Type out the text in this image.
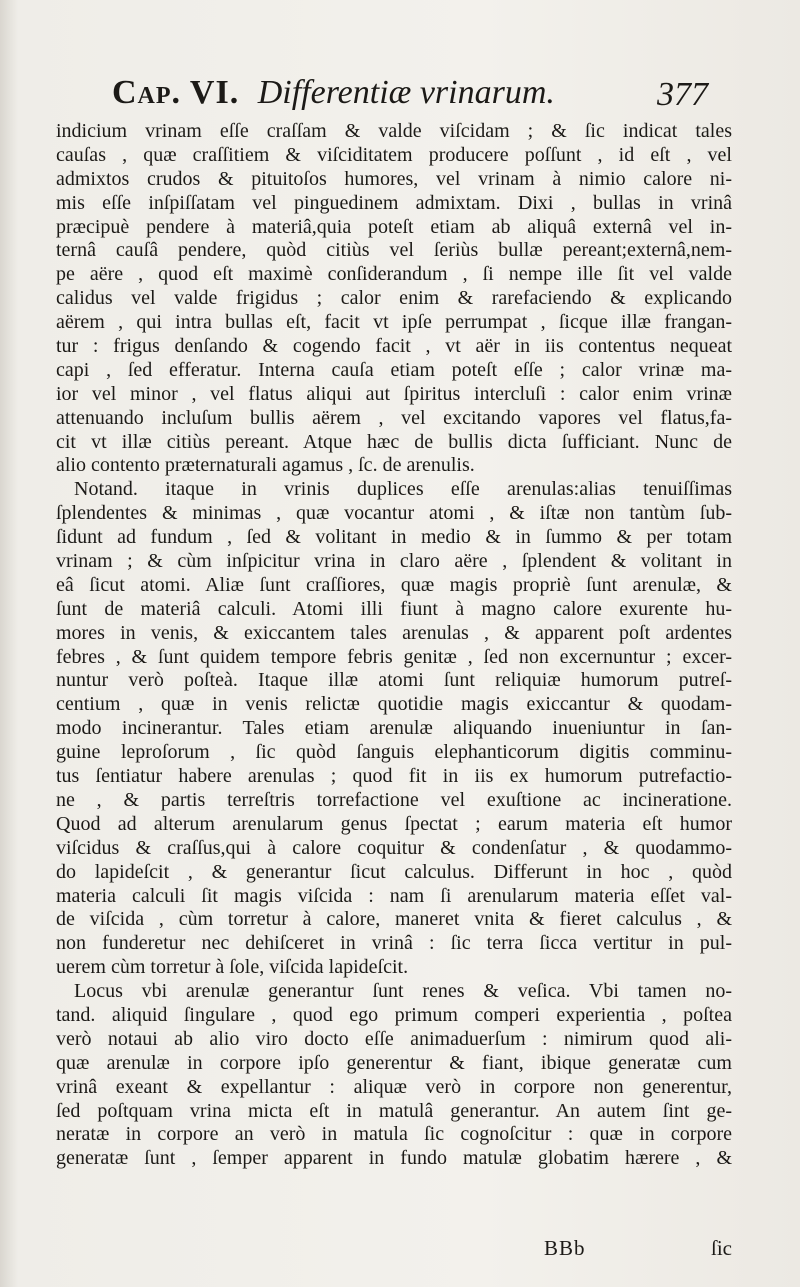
Cap. VI. Differentiæ vrinarum.	377
indicium vrinam eſſe craſſam & valde viſcidam ; & ſic indicat tales
cauſas , quæ craſſitiem & viſciditatem producere poſſunt , id eſt , vel
admixtos crudos & pituitoſos humores, vel vrinam à nimio calore ni-
mis eſſe inſpiſſatam vel pinguedinem admixtam. Dixi , bullas in vrinâ
præcipuè pendere à materiâ,quia poteſt etiam ab aliquâ externâ vel in-
ternâ cauſâ pendere, quòd citiùs vel ſeriùs bullæ pereant;externâ,nem-
pe aëre , quod eſt maximè conſiderandum , ſi nempe ille ſit vel valde
calidus vel valde frigidus ; calor enim & rarefaciendo & explicando
aërem , qui intra bullas eſt, facit vt ipſe perrumpat , ſicque illæ frangan-
tur : frigus denſando & cogendo facit , vt aër in iis contentus nequeat
capi , ſed efferatur. Interna cauſa etiam poteſt eſſe ; calor vrinæ ma-
ior vel minor , vel flatus aliqui aut ſpiritus intercluſi : calor enim vrinæ
attenuando incluſum bullis aërem , vel excitando vapores vel flatus,fa-
cit vt illæ citiùs pereant. Atque hæc de bullis dicta ſufficiant. Nunc de
alio contento præternaturali agamus , ſc. de arenulis.
Notand. itaque in vrinis duplices eſſe arenulas:alias tenuiſſimas
ſplendentes & minimas , quæ vocantur atomi , & iſtæ non tantùm ſub-
ſidunt ad fundum , ſed & volitant in medio & in ſummo & per totam
vrinam ; & cùm inſpicitur vrina in claro aëre , ſplendent & volitant in
eâ ſicut atomi. Aliæ ſunt craſſiores, quæ magis propriè ſunt arenulæ, &
ſunt de materiâ calculi. Atomi illi fiunt à magno calore exurente hu-
mores in venis, & exiccantem tales arenulas , & apparent poſt ardentes
febres , & ſunt quidem tempore febris genitæ , ſed non excernuntur ; excer-
nuntur verò poſteà. Itaque illæ atomi ſunt reliquiæ humorum putreſ-
centium , quæ in venis relictæ quotidie magis exiccantur & quodam-
modo incinerantur. Tales etiam arenulæ aliquando inueniuntur in ſan-
guine leproſorum , ſic quòd ſanguis elephanticorum digitis comminu-
tus ſentiatur habere arenulas ; quod fit in iis ex humorum putrefactio-
ne , & partis terreſtris torrefactione vel exuſtione ac incineratione.
Quod ad alterum arenularum genus ſpectat ; earum materia eſt humor
viſcidus & craſſus,qui à calore coquitur & condenſatur , & quodammo-
do lapideſcit , & generantur ſicut calculus. Differunt in hoc , quòd
materia calculi ſit magis viſcida : nam ſi arenularum materia eſſet val-
de viſcida , cùm torretur à calore, maneret vnita & fieret calculus , &
non funderetur nec dehiſceret in vrinâ : ſic terra ſicca vertitur in pul-
uerem cùm torretur à ſole, viſcida lapideſcit.
Locus vbi arenulæ generantur ſunt renes & veſica. Vbi tamen no-
tand. aliquid ſingulare , quod ego primum comperi experientia , poſtea
verò notaui ab alio viro docto eſſe animaduerſum : nimirum quod ali-
quæ arenulæ in corpore ipſo generentur & fiant, ibique generatæ cum
vrinâ exeant & expellantur : aliquæ verò in corpore non generentur,
ſed poſtquam vrina micta eſt in matulâ generantur. An autem ſint ge-
neratæ in corpore an verò in matula ſic cognoſcitur : quæ in corpore
generatæ ſunt , ſemper apparent in fundo matulæ globatim hærere , &
BBb	ſic
